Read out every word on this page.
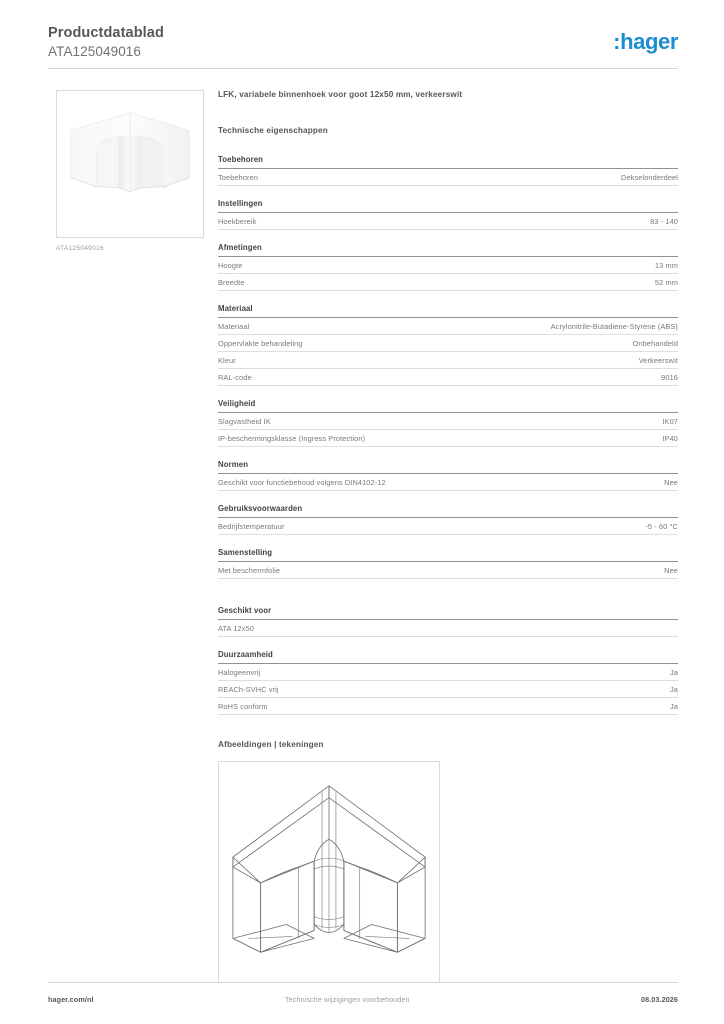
Productdatablad
ATA125049016	:hager
ATA125049016
LFK, variabele binnenhoek voor goot 12x50 mm, verkeerswit
Technische eigenschappen
Toebehoren
Toebehoren	Dekselonderdeel
Instellingen
Hoekbereik	83 - 140
Afmetingen
Hoogte	13 mm
Breedte	52 mm
Materiaal
Materiaal	Acrylonitrile-Butadiene-Styrene (ABS)
Oppervlakte behandeling	Onbehandeld
Kleur	Verkeerswit
RAL-code	9016
Veiligheid
Slagvastheid IK	IK07
IP-beschermingsklasse (Ingress Protection)	IP40
Normen
Geschikt voor functiebehoud volgens DIN4102-12	Nee
Gebruiksvoorwaarden
Bedrijfstemperatuur	-5 - 60 °C
Samenstelling
Met beschermfolie	Nee
Geschikt voor
ATA 12x50
Duurzaamheid
Halogeenvrij	Ja
REACh-SVHC vrij	Ja
RoHS conform	Ja
Afbeeldingen | tekeningen
hager.com/nl	Technische wijzigingen voorbehouden	08.03.2026
